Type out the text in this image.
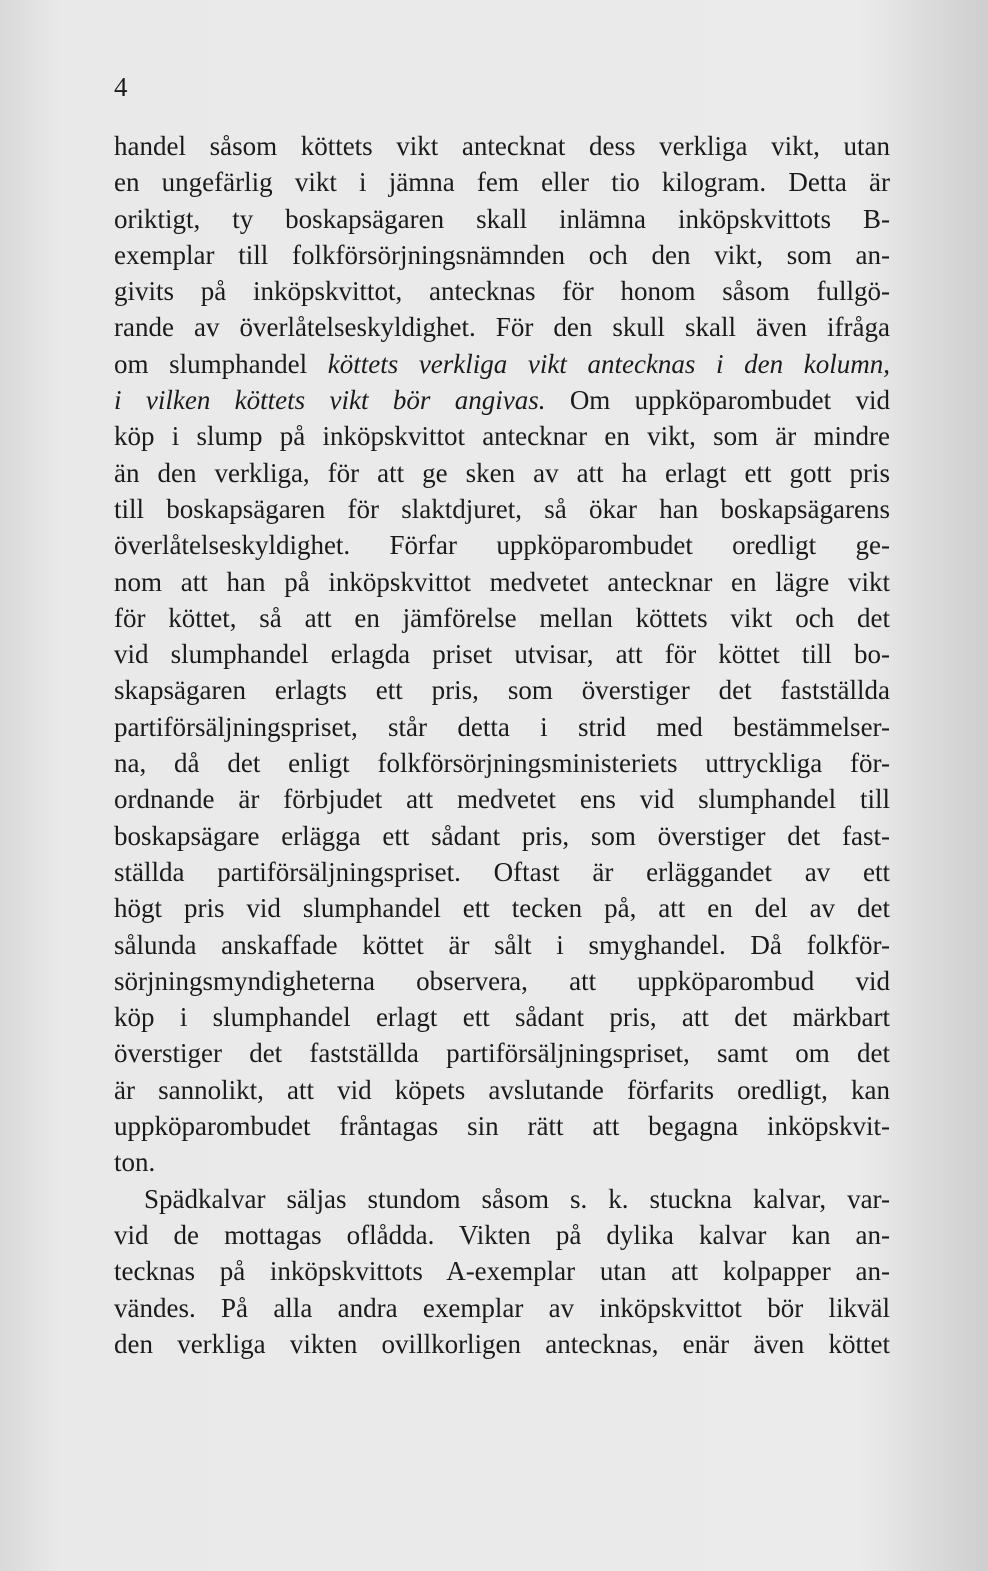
4
handel såsom köttets vikt antecknat dess verkliga vikt, utan
en ungefärlig vikt i jämna fem eller tio kilogram. Detta är
oriktigt, ty boskapsägaren skall inlämna inköpskvittots B-
exemplar till folkförsörjningsnämnden och den vikt, som an-
givits på inköpskvittot, antecknas för honom såsom fullgö-
rande av överlåtelseskyldighet. För den skull skall även ifråga
om slumphandel köttets verkliga vikt antecknas i den kolumn,
i vilken köttets vikt bör angivas. Om uppköparombudet vid
köp i slump på inköpskvittot antecknar en vikt, som är mindre
än den verkliga, för att ge sken av att ha erlagt ett gott pris
till boskapsägaren för slaktdjuret, så ökar han boskapsägarens
överlåtelseskyldighet. Förfar uppköparombudet oredligt ge-
nom att han på inköpskvittot medvetet antecknar en lägre vikt
för köttet, så att en jämförelse mellan köttets vikt och det
vid slumphandel erlagda priset utvisar, att för köttet till bo-
skapsägaren erlagts ett pris, som överstiger det fastställda
partiförsäljningspriset, står detta i strid med bestämmelser-
na, då det enligt folkförsörjningsministeriets uttryckliga för-
ordnande är förbjudet att medvetet ens vid slumphandel till
boskapsägare erlägga ett sådant pris, som överstiger det fast-
ställda partiförsäljningspriset. Oftast är erläggandet av ett
högt pris vid slumphandel ett tecken på, att en del av det
sålunda anskaffade köttet är sålt i smyghandel. Då folkför-
sörjningsmyndigheterna observera, att uppköparombud vid
köp i slumphandel erlagt ett sådant pris, att det märkbart
överstiger det fastställda partiförsäljningspriset, samt om det
är sannolikt, att vid köpets avslutande förfarits oredligt, kan
uppköparombudet fråntagas sin rätt att begagna inköpskvit-
ton.
Spädkalvar säljas stundom såsom s. k. stuckna kalvar, var-
vid de mottagas oflådda. Vikten på dylika kalvar kan an-
tecknas på inköpskvittots A-exemplar utan att kolpapper an-
vändes. På alla andra exemplar av inköpskvittot bör likväl
den verkliga vikten ovillkorligen antecknas, enär även köttet
